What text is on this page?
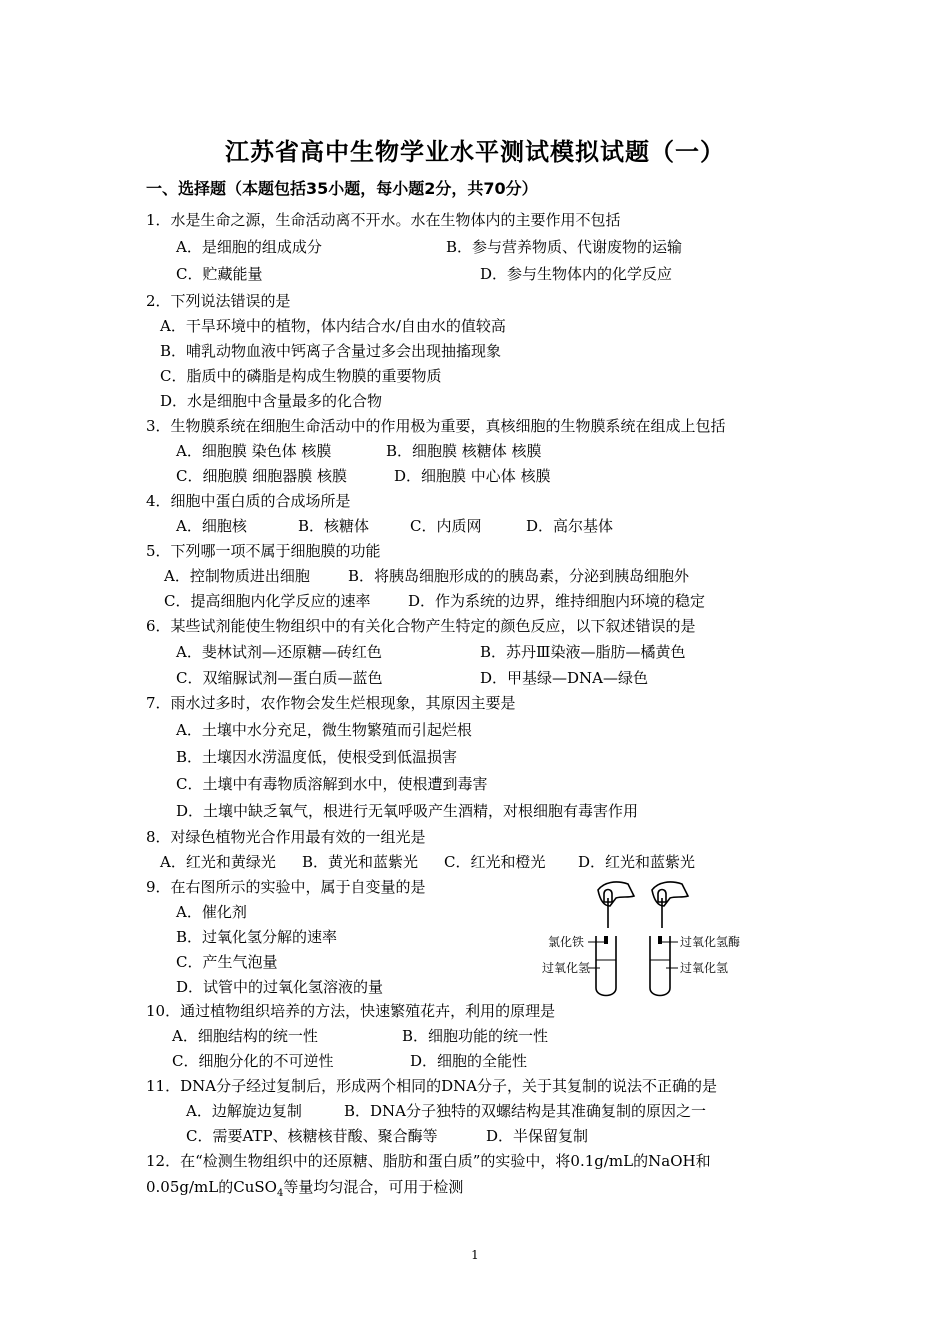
江苏省高中生物学业水平测试模拟试题（一）
一、选择题（本题包括35小题，每小题2分，共70分）
1．水是生命之源，生命活动离不开水。水在生物体内的主要作用不包括
A．是细胞的组成成分	B．参与营养物质、代谢废物的运输
C．贮藏能量	D．参与生物体内的化学反应
2．下列说法错误的是
A．干旱环境中的植物，体内结合水/自由水的值较高
B．哺乳动物血液中钙离子含量过多会出现抽搐现象
C．脂质中的磷脂是构成生物膜的重要物质
D．水是细胞中含量最多的化合物
3．生物膜系统在细胞生命活动中的作用极为重要，真核细胞的生物膜系统在组成上包括
A．细胞膜 染色体 核膜	B．细胞膜 核糖体 核膜
C．细胞膜 细胞器膜 核膜	D．细胞膜 中心体 核膜
4．细胞中蛋白质的合成场所是
A．细胞核	B．核糖体	C．内质网	D．高尔基体
5．下列哪一项不属于细胞膜的功能
A．控制物质进出细胞	B．将胰岛细胞形成的的胰岛素，分泌到胰岛细胞外
C．提高细胞内化学反应的速率	D．作为系统的边界，维持细胞内环境的稳定
6．某些试剂能使生物组织中的有关化合物产生特定的颜色反应，以下叙述错误的是
A．斐林试剂—还原糖—砖红色	B．苏丹Ⅲ染液—脂肪—橘黄色
C．双缩脲试剂—蛋白质—蓝色	D．甲基绿—DNA—绿色
7．雨水过多时，农作物会发生烂根现象，其原因主要是
A．土壤中水分充足，微生物繁殖而引起烂根
B．土壤因水涝温度低，使根受到低温损害
C．土壤中有毒物质溶解到水中，使根遭到毒害
D．土壤中缺乏氧气，根进行无氧呼吸产生酒精，对根细胞有毒害作用
8．对绿色植物光合作用最有效的一组光是
A．红光和黄绿光 B．黄光和蓝紫光 C．红光和橙光 D．红光和蓝紫光
9．在右图所示的实验中，属于自变量的是
A．催化剂
B．过氧化氢分解的速率
C．产生气泡量
D．试管中的过氧化氢溶液的量
氯化铁
过氧化氢
过氧化氢酶
过氧化氢
10．通过植物组织培养的方法，快速繁殖花卉，利用的原理是
A．细胞结构的统一性	B．细胞功能的统一性
C．细胞分化的不可逆性	D．细胞的全能性
11．DNA分子经过复制后，形成两个相同的DNA分子，关于其复制的说法不正确的是
A．边解旋边复制	B．DNA分子独特的双螺结构是其准确复制的原因之一
C．需要ATP、核糖核苷酸、聚合酶等	D．半保留复制
12．在“检测生物组织中的还原糖、脂肪和蛋白质”的实验中，将0.1g/mL的NaOH和
0.05g/mL的CuSO$_4$等量均匀混合，可用于检测
1
